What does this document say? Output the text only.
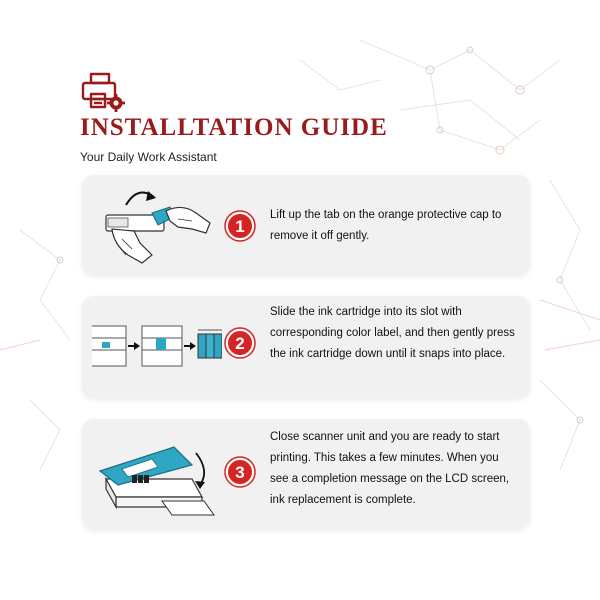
INSTALLTATION GUIDE

Your Daily Work Assistant

1

Lift up the tab on the orange protective cap to remove it off gently.

2

Slide the ink cartridge into its slot with corresponding color label, and then gently press the ink cartridge down until it snaps into place.

3

Close scanner unit and you are ready to start printing. This takes a few minutes. When you see a completion message on the LCD screen, ink replacement is complete.
